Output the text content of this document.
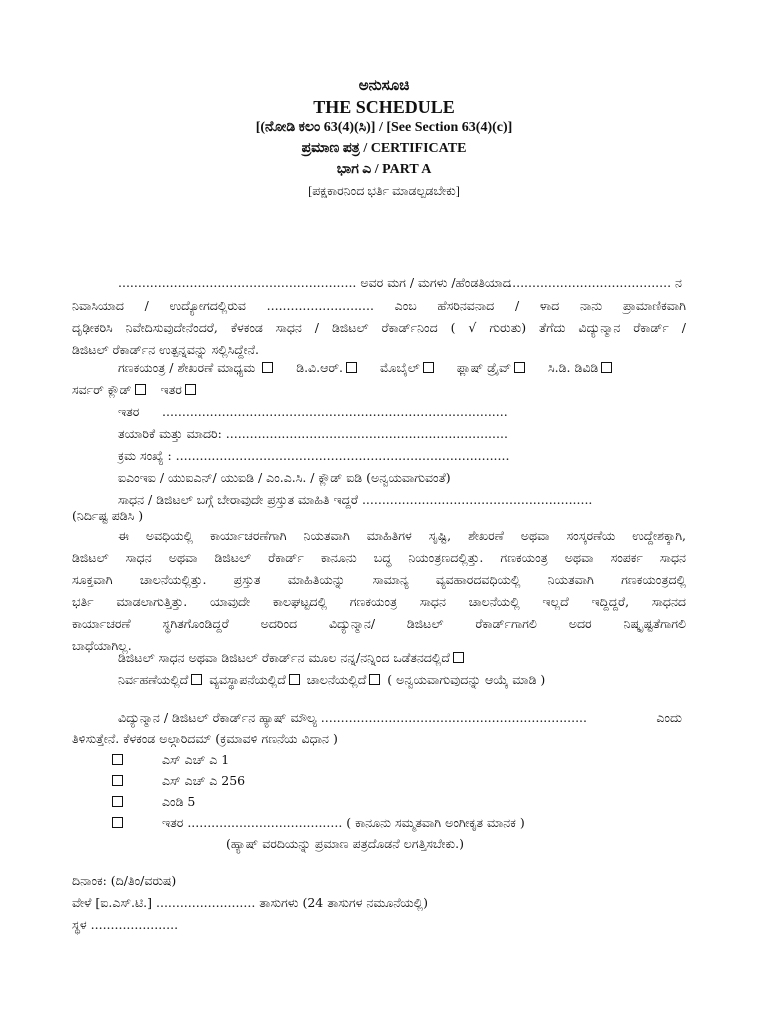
ಅನುಸೂಚಿ
THE SCHEDULE
[(ನೋಡಿ ಕಲಂ 63(4)(ಸಿ)] / [See Section 63(4)(c)]
ಪ್ರಮಾಣ ಪತ್ರ / CERTIFICATE
ಭಾಗ ಎ / PART A
[ಪಕ್ಷಕಾರನಿಂದ ಭರ್ತಿ ಮಾಡಲ್ಪಡಬೇಕು]
............................................................ ಅವರ ಮಗ / ಮಗಳು /ಹೆಂಡತಿಯಾದ
......................................... ನ
ನಿವಾಸಿಯಾದ / ಉದ್ಯೋಗದಲ್ಲಿರುವ ........................... ಎಂಬ ಹೆಸರಿನವನಾದ / ಳಾದ ನಾನು ಪ್ರಾಮಾಣಿಕವಾಗಿ
ದೃಢೀಕರಿಸಿ ನಿವೇದಿಸುವುದೇನೆಂದರೆ, ಕೆಳಕಂಡ ಸಾಧನ / ಡಿಜಿಟಲ್ ರೆಕಾರ್ಡ್‌ನಿಂದ ( √ ಗುರುತು) ತೆಗೆದು ವಿದ್ಯುನ್ಮಾನ ರೆಕಾರ್ಡ್ /
ಡಿಜಿಟಲ್ ರೆಕಾರ್ಡ್‌ನ ಉತ್ಪನ್ನವನ್ನು ಸಲ್ಲಿಸಿದ್ದೇನೆ.
ಗಣಕಯಂತ್ರ / ಶೇಖರಣೆ ಮಾಧ್ಯಮ	ಡಿ.ವಿ.ಆರ್.	ಮೊಬೈಲ್	ಫ್ಲಾಷ್ ಡ್ರೈವ್	ಸಿ.ಡಿ. ಡಿವಿಡಿ
ಸರ್ವರ್ ಕ್ಲೌಡ್ ಇತರ
ಇತರ .......................................................................................
ತಯಾರಿಕೆ ಮತ್ತು ಮಾದರಿ: .......................................................................
ಕ್ರಮ ಸಂಖ್ಯೆ : ....................................................................................
ಐಎಂಇಐ / ಯುಐಎನ್/ ಯುಐಡಿ / ಎಂ.ಎ.ಸಿ. / ಕ್ಲೌಡ್ ಐಡಿ (ಅನ್ವಯವಾಗುವಂತೆ)
ಸಾಧನ / ಡಿಜಿಟಲ್ ಬಗ್ಗೆ ಬೇರಾವುದೇ ಪ್ರಸ್ತುತ ಮಾಹಿತಿ ಇದ್ದರೆ ..........................................................
(ನಿರ್ದಿಷ್ಟ ಪಡಿಸಿ )
ಈ ಅವಧಿಯಲ್ಲಿ ಕಾರ್ಯಾಚರಣೆಗಾಗಿ ನಿಯತವಾಗಿ ಮಾಹಿತಿಗಳ ಸೃಷ್ಟಿ, ಶೇಖರಣೆ ಅಥವಾ ಸಂಸ್ಕರಣೆಯ ಉದ್ದೇಶಕ್ಕಾಗಿ,
ಡಿಜಿಟಲ್ ಸಾಧನ ಅಥವಾ ಡಿಜಿಟಲ್ ರೆಕಾರ್ಡ್ ಕಾನೂನು ಬದ್ಧ ನಿಯಂತ್ರಣದಲ್ಲಿತ್ತು. ಗಣಕಯಂತ್ರ ಅಥವಾ ಸಂಪರ್ಕ ಸಾಧನ
ಸೂಕ್ತವಾಗಿ ಚಾಲನೆಯಲ್ಲಿತ್ತು. ಪ್ರಸ್ತುತ ಮಾಹಿತಿಯನ್ನು ಸಾಮಾನ್ಯ ವ್ಯವಹಾರದವಧಿಯಲ್ಲಿ ನಿಯತವಾಗಿ ಗಣಕಯಂತ್ರದಲ್ಲಿ
ಭರ್ತಿ ಮಾಡಲಾಗುತ್ತಿತ್ತು. ಯಾವುದೇ ಕಾಲಘಟ್ಟದಲ್ಲಿ ಗಣಕಯಂತ್ರ ಸಾಧನ ಚಾಲನೆಯಲ್ಲಿ ಇಲ್ಲದೆ ಇದ್ದಿದ್ದರೆ, ಸಾಧನದ
ಕಾರ್ಯಾಚರಣೆ ಸ್ಥಗಿತಗೊಂಡಿದ್ದರೆ ಅದರಿಂದ ವಿದ್ಯುನ್ಮಾನ/ ಡಿಜಿಟಲ್ ರೆಕಾರ್ಡ್‌ಗಾಗಲಿ ಅದರ ನಿಷ್ಕೃಷ್ಟತೆಗಾಗಲಿ
ಬಾಧೆಯಾಗಿಲ್ಲ.
ಡಿಜಿಟಲ್ ಸಾಧನ ಅಥವಾ ಡಿಜಿಟಲ್ ರೆಕಾರ್ಡ್‌ನ ಮೂಲ ನನ್ನ/ನನ್ನಿಂದ ಒಡೆತನದಲ್ಲಿದೆ
ನಿರ್ವಹಣೆಯಲ್ಲಿದೆ ವ್ಯವಸ್ಥಾಪನೆಯಲ್ಲಿದೆ ಚಾಲನೆಯಲ್ಲಿದೆ ( ಅನ್ವಯವಾಗುವುದನ್ನು ಆಯ್ಕೆ ಮಾಡಿ )
ವಿದ್ಯುನ್ಮಾನ / ಡಿಜಿಟಲ್ ರೆಕಾರ್ಡ್‌ನ ಹ್ಯಾಷ್ ಮೌಲ್ಯ ...................................................................	ಎಂದು
ತಿಳಿಸುತ್ತೇನೆ. ಕೆಳಕಂಡ ಅಲ್ಗಾರಿದಮ್ (ಕ್ರಮಾವಳಿ ಗಣನೆಯ ವಿಧಾನ )
ಎಸ್ ಎಚ್ ಎ 1
ಎಸ್ ಎಚ್ ಎ 256
ಎಂಡಿ 5
ಇತರ ....................................... ( ಕಾನೂನು ಸಮ್ಮತವಾಗಿ ಅಂಗೀಕೃತ ಮಾನಕ )
(ಹ್ಯಾಷ್ ವರದಿಯನ್ನು ಪ್ರಮಾಣ ಪತ್ರದೊಡನೆ ಲಗತ್ತಿಸಬೇಕು.)
ದಿನಾಂಕ: (ದಿ/ತಿಂ/ವರುಷ)
ವೇಳೆ [ಐ.ಎಸ್.ಟಿ.] ......................... ತಾಸುಗಳು (24 ತಾಸುಗಳ ನಮೂನೆಯಲ್ಲಿ)
ಸ್ಥಳ ......................
